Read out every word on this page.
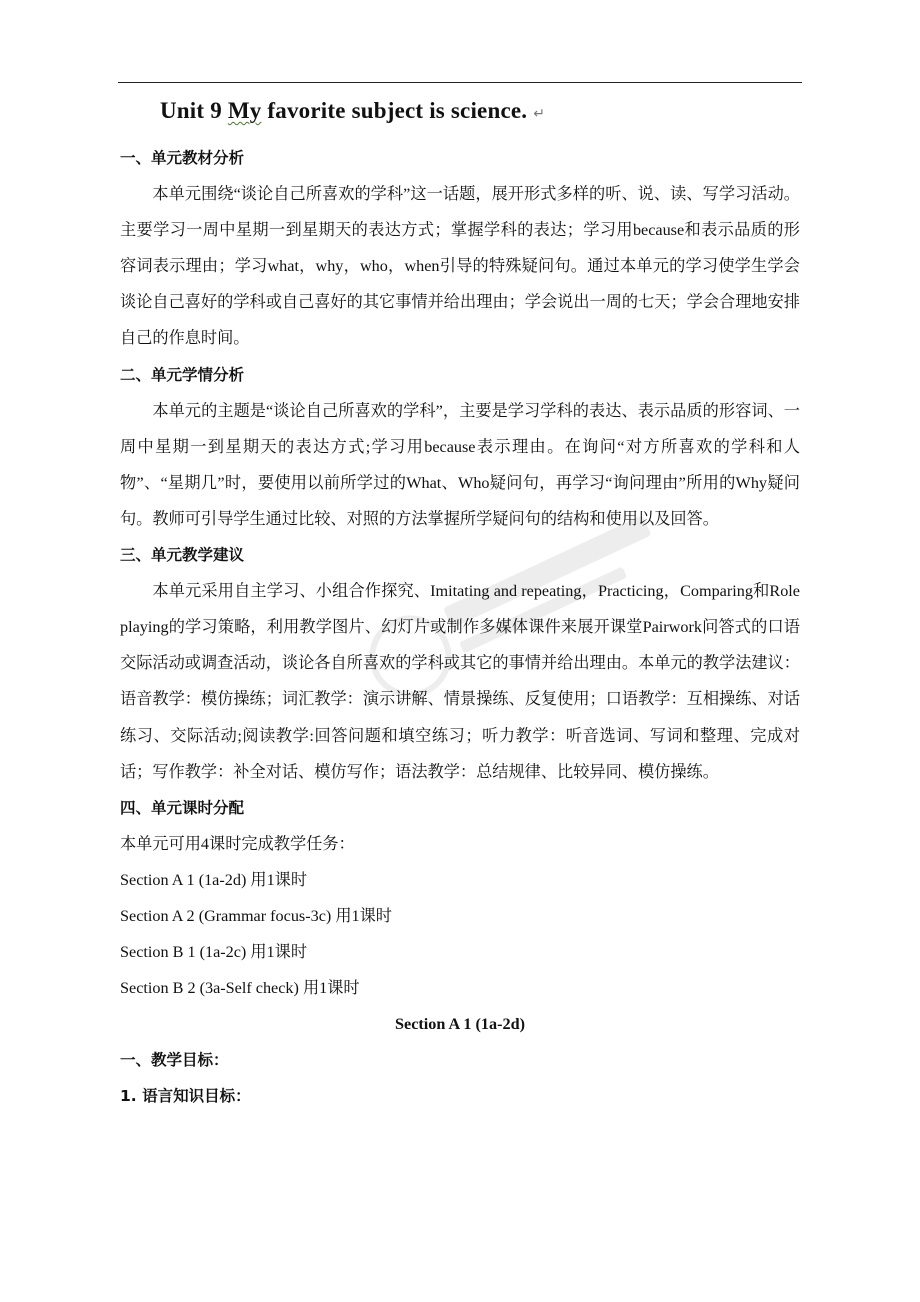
Unit 9 My favorite subject is science. ↵
一、单元教材分析
本单元围绕“谈论自己所喜欢的学科”这一话题，展开形式多样的听、说、读、写学习活动。主要学习一周中星期一到星期天的表达方式；掌握学科的表达；学习用because和表示品质的形容词表示理由；学习what，why，who，when引导的特殊疑问句。通过本单元的学习使学生学会谈论自己喜好的学科或自己喜好的其它事情并给出理由；学会说出一周的七天；学会合理地安排自己的作息时间。
二、单元学情分析
本单元的主题是“谈论自己所喜欢的学科”，主要是学习学科的表达、表示品质的形容词、一周中星期一到星期天的表达方式;学习用because表示理由。在询问“对方所喜欢的学科和人物”、“星期几”时，要使用以前所学过的What、Who疑问句，再学习“询问理由”所用的Why疑问句。教师可引导学生通过比较、对照的方法掌握所学疑问句的结构和使用以及回答。
三、单元教学建议
本单元采用自主学习、小组合作探究、Imitating and repeating，Practicing，Comparing和Role playing的学习策略，利用教学图片、幻灯片或制作多媒体课件来展开课堂Pairwork问答式的口语交际活动或调查活动，谈论各自所喜欢的学科或其它的事情并给出理由。本单元的教学法建议：语音教学：模仿操练；词汇教学：演示讲解、情景操练、反复使用；口语教学：互相操练、对话练习、交际活动;阅读教学:回答问题和填空练习；听力教学：听音选词、写词和整理、完成对话；写作教学：补全对话、模仿写作；语法教学：总结规律、比较异同、模仿操练。
四、单元课时分配
本单元可用4课时完成教学任务：
Section A 1 (1a-2d) 用1课时
Section A 2 (Grammar focus-3c) 用1课时
Section B 1 (1a-2c) 用1课时
Section B 2 (3a-Self check) 用1课时
Section A 1 (1a-2d)
一、教学目标：
1. 语言知识目标：
